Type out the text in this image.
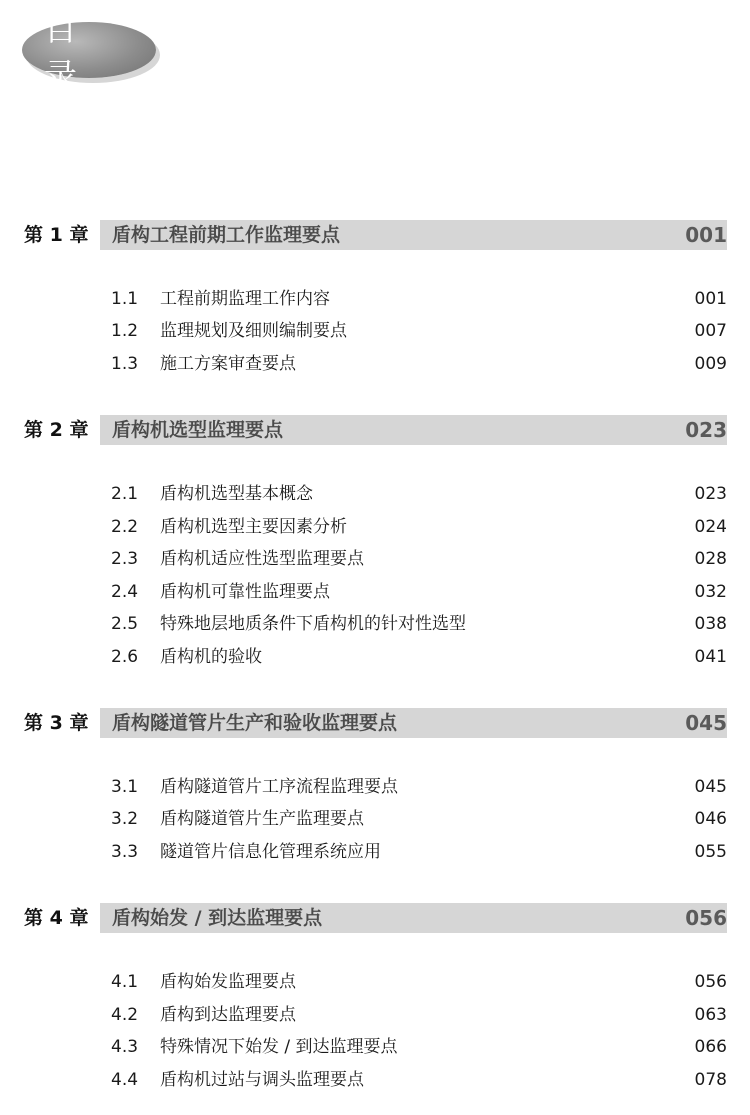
目 录
第 1 章 盾构工程前期工作监理要点	001
1.1 工程前期监理工作内容	001
1.2 监理规划及细则编制要点	007
1.3 施工方案审查要点	009
第 2 章 盾构机选型监理要点	023
2.1 盾构机选型基本概念	023
2.2 盾构机选型主要因素分析	024
2.3 盾构机适应性选型监理要点	028
2.4 盾构机可靠性监理要点	032
2.5 特殊地层地质条件下盾构机的针对性选型	038
2.6 盾构机的验收	041
第 3 章 盾构隧道管片生产和验收监理要点	045
3.1 盾构隧道管片工序流程监理要点	045
3.2 盾构隧道管片生产监理要点	046
3.3 隧道管片信息化管理系统应用	055
第 4 章 盾构始发 / 到达监理要点	056
4.1 盾构始发监理要点	056
4.2 盾构到达监理要点	063
4.3 特殊情况下始发 / 到达监理要点	066
4.4 盾构机过站与调头监理要点	078
